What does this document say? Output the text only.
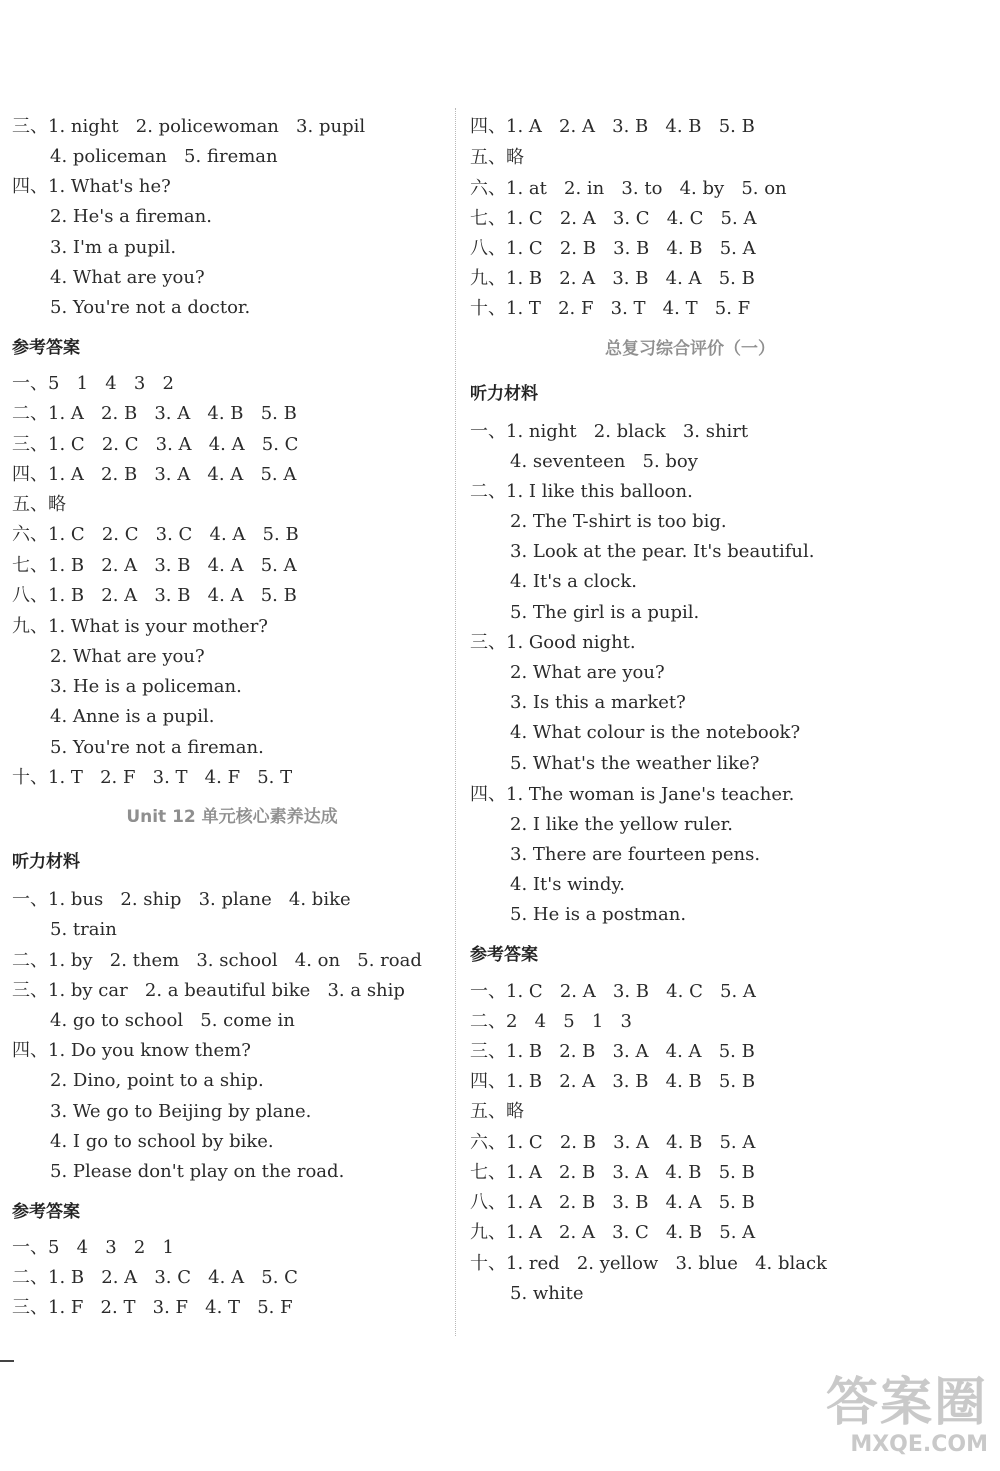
三、1. night   2. policewoman   3. pupil
4. policeman   5. fireman
四、1. What's he?
2. He's a fireman.
3. I'm a pupil.
4. What are you?
5. You're not a doctor.
参考答案
一、5   1   4   3   2
二、1. A   2. B   3. A   4. B   5. B
三、1. C   2. C   3. A   4. A   5. C
四、1. A   2. B   3. A   4. A   5. A
五、略
六、1. C   2. C   3. C   4. A   5. B
七、1. B   2. A   3. B   4. A   5. A
八、1. B   2. A   3. B   4. A   5. B
九、1. What is your mother?
2. What are you?
3. He is a policeman.
4. Anne is a pupil.
5. You're not a fireman.
十、1. T   2. F   3. T   4. F   5. T
Unit 12 单元核心素养达成
听力材料
一、1. bus   2. ship   3. plane   4. bike
5. train
二、1. by   2. them   3. school   4. on   5. road
三、1. by car   2. a beautiful bike   3. a ship
4. go to school   5. come in
四、1. Do you know them?
2. Dino, point to a ship.
3. We go to Beijing by plane.
4. I go to school by bike.
5. Please don't play on the road.
参考答案
一、5   4   3   2   1
二、1. B   2. A   3. C   4. A   5. C
三、1. F   2. T   3. F   4. T   5. F
四、1. A   2. A   3. B   4. B   5. B
五、略
六、1. at   2. in   3. to   4. by   5. on
七、1. C   2. A   3. C   4. C   5. A
八、1. C   2. B   3. B   4. B   5. A
九、1. B   2. A   3. B   4. A   5. B
十、1. T   2. F   3. T   4. T   5. F
总复习综合评价（一）
听力材料
一、1. night   2. black   3. shirt
4. seventeen   5. boy
二、1. I like this balloon.
2. The T-shirt is too big.
3. Look at the pear. It's beautiful.
4. It's a clock.
5. The girl is a pupil.
三、1. Good night.
2. What are you?
3. Is this a market?
4. What colour is the notebook?
5. What's the weather like?
四、1. The woman is Jane's teacher.
2. I like the yellow ruler.
3. There are fourteen pens.
4. It's windy.
5. He is a postman.
参考答案
一、1. C   2. A   3. B   4. C   5. A
二、2   4   5   1   3
三、1. B   2. B   3. A   4. A   5. B
四、1. B   2. A   3. B   4. B   5. B
五、略
六、1. C   2. B   3. A   4. B   5. A
七、1. A   2. B   3. A   4. B   5. B
八、1. A   2. B   3. B   4. A   5. B
九、1. A   2. A   3. C   4. B   5. A
十、1. red   2. yellow   3. blue   4. black
5. white
答案圈
MXQE.COM
